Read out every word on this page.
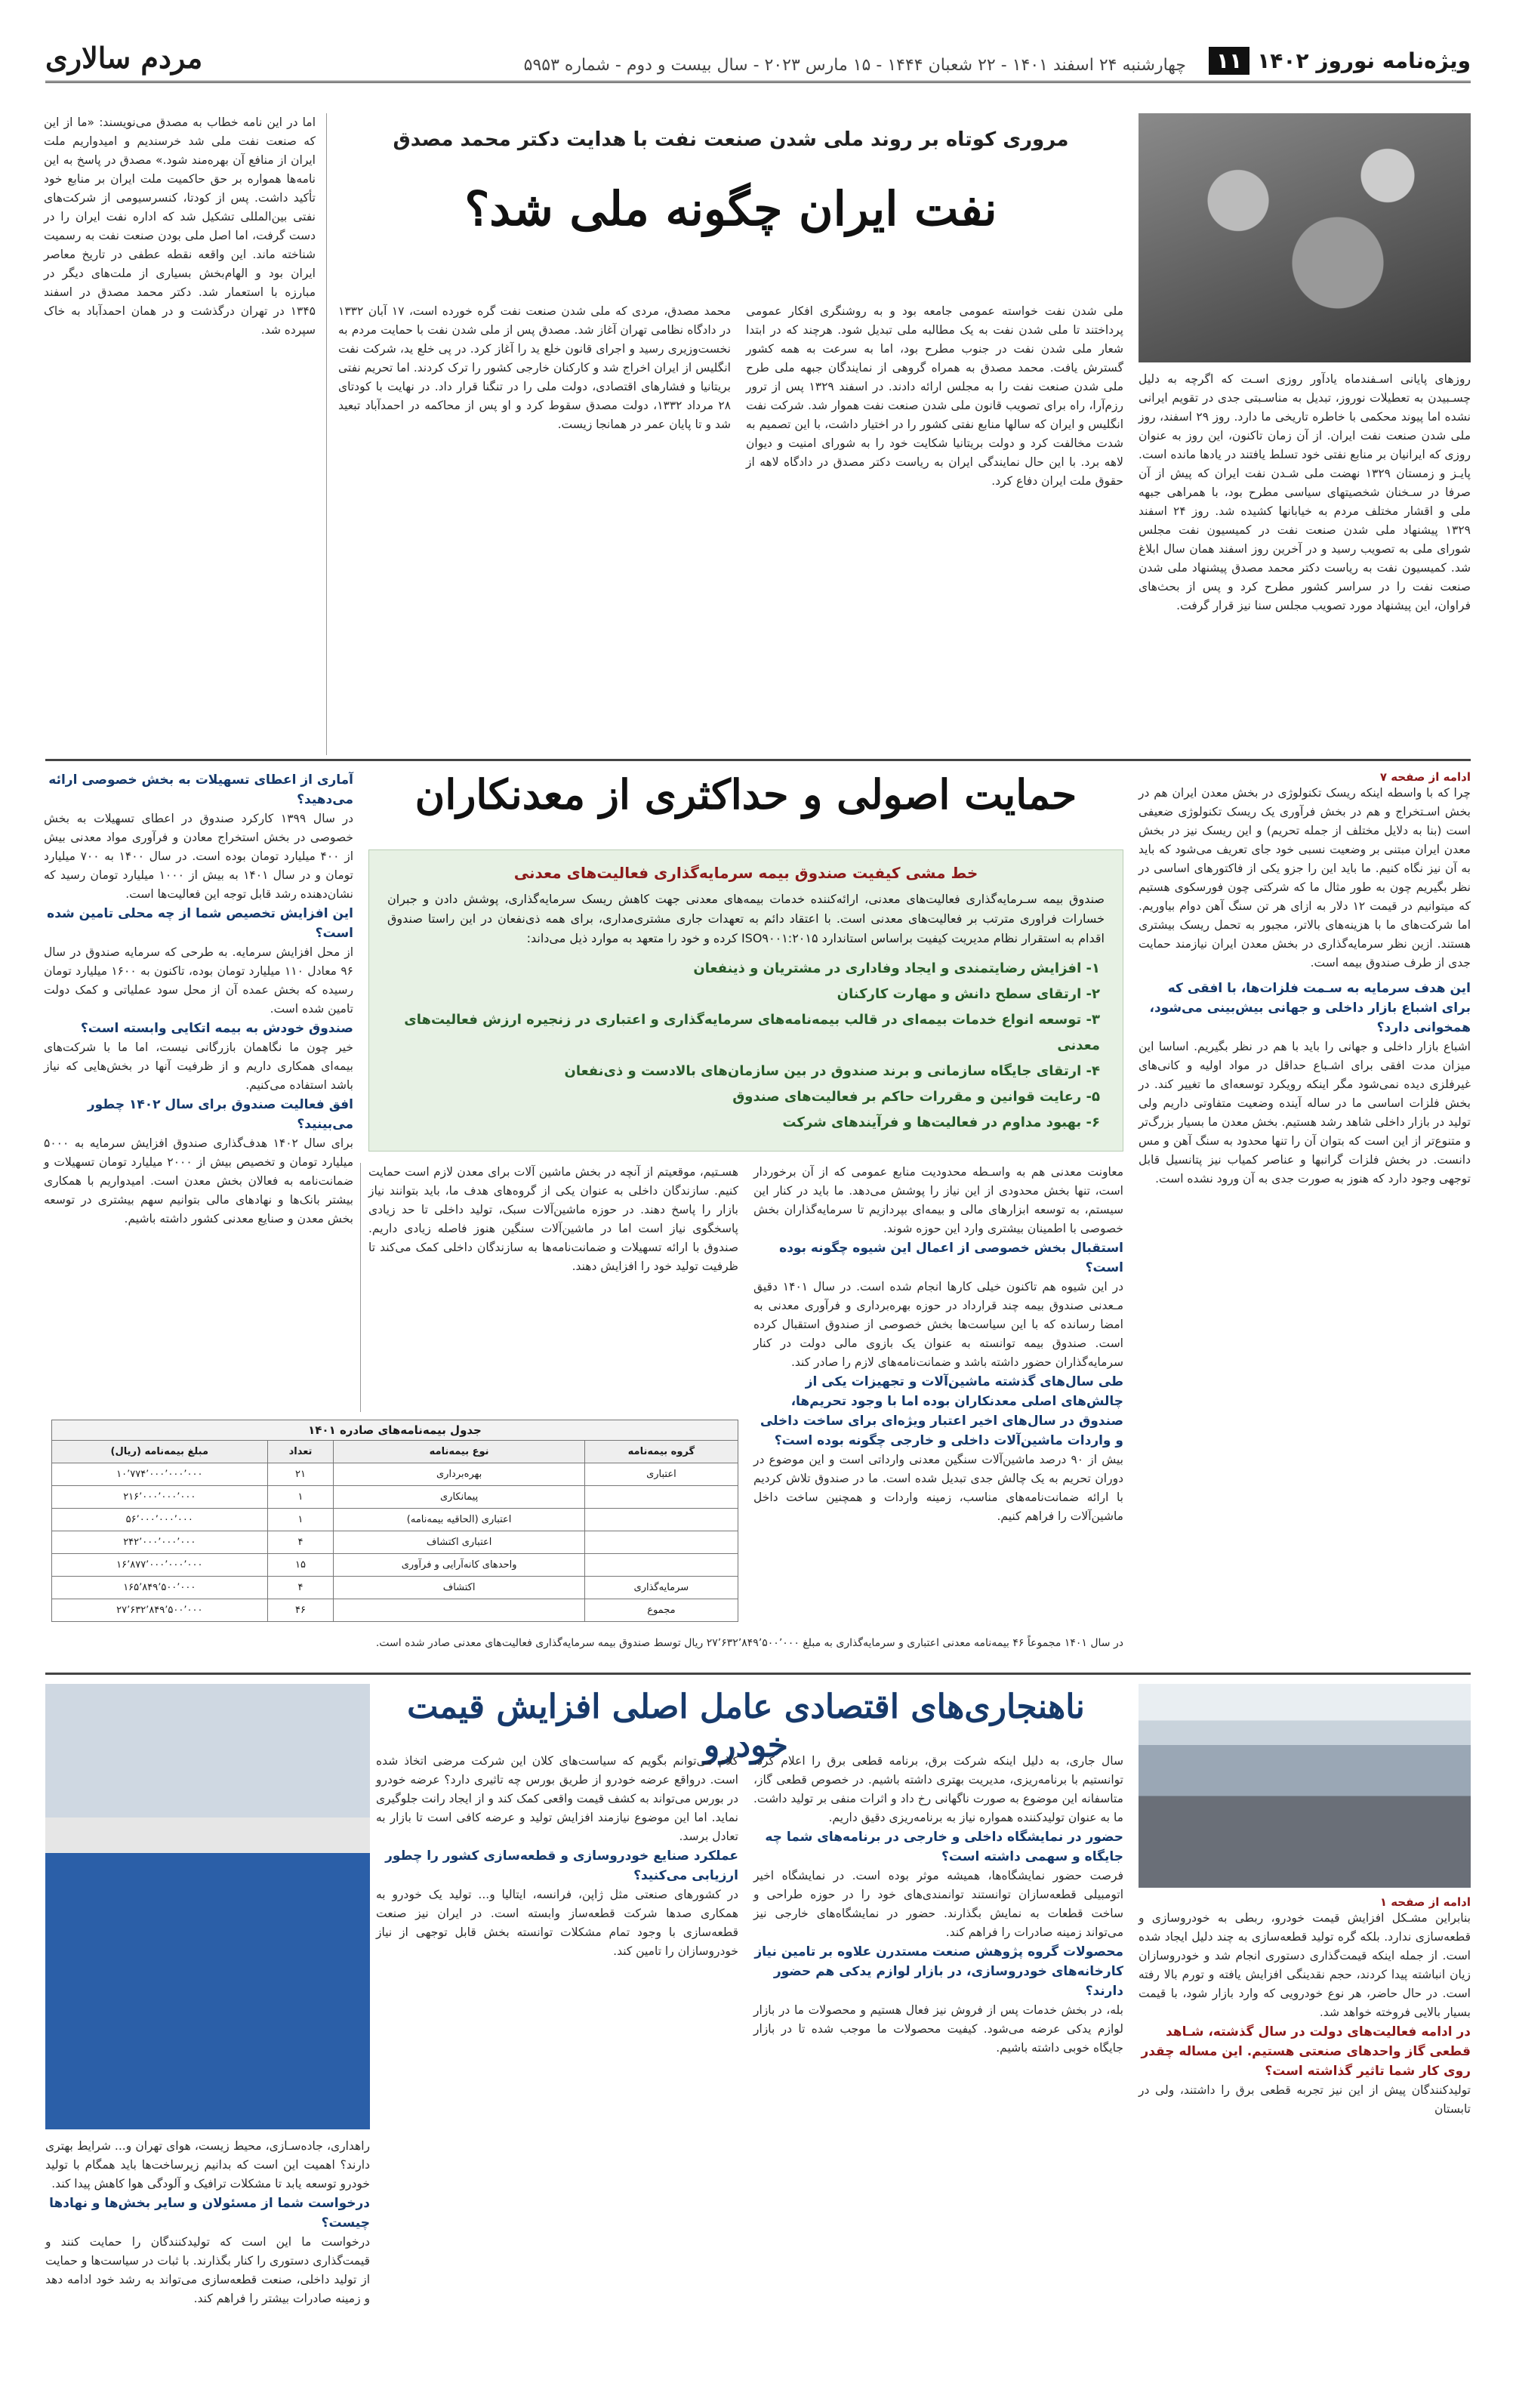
ویژه‌نامه نوروز ۱۴۰۲
۱۱
چهارشنبه ۲۴ اسفند ۱۴۰۱ - ۲۲ شعبان ۱۴۴۴ - ۱۵ مارس ۲۰۲۳ - سال بیست و دوم - شماره ۵۹۵۳
مردم سالاری
مروری کوتاه بر روند ملی شدن صنعت نفت با هدایت دکتر محمد مصدق
نفت ایران چگونه ملی شد؟

روزهای پایانی اسـفندماه یادآور روزی اسـت که اگرچه به دلیل چسـبیدن به تعطیلات نوروز، تبدیل به مناسـبتی جدی در تقویم ایرانی نشده اما پیوند محکمی با خاطره تاریخی ما دارد. روز ۲۹ اسفند، روز ملی شدن صنعت نفت ایران. از آن زمان تاکنون، این روز به عنوان روزی که ایرانیان بر منابع نفتی خود تسلط یافتند در یادها مانده است. پایـز و زمستان ۱۳۲۹ نهضت ملی شـدن نفت ایران که پیش از آن صرفا در سـخنان شخصیتهای سیاسی مطرح بود، با همراهی جبهه ملی و اقشار مختلف مردم به خیابانها کشیده شد. روز ۲۴ اسفند ۱۳۲۹ پیشنهاد ملی شدن صنعت نفت در کمیسیون نفت مجلس شورای ملی به تصویب رسید و در آخرین روز اسفند همان سال ابلاغ شد. کمیسیون نفت به ریاست دکتر محمد مصدق پیشنهاد ملی شدن صنعت نفت را در سراسر کشور مطرح کرد و پس از بحث‌های فراوان، این پیشنهاد مورد تصویب مجلس سنا نیز قرار گرفت.

ملی شدن نفت خواسته عمومی جامعه بود و به روشنگری افکار عمومی پرداختند تا ملی شدن نفت به یک مطالبه ملی تبدیل شود. هرچند که در ابتدا شعار ملی شدن نفت در جنوب مطرح بود، اما به سرعت به همه کشور گسترش یافت. محمد مصدق به همراه گروهی از نمایندگان جبهه ملی طرح ملی شدن صنعت نفت را به مجلس ارائه دادند. در اسفند ۱۳۲۹ پس از ترور رزم‌آرا، راه برای تصویب قانون ملی شدن صنعت نفت هموار شد. شرکت نفت انگلیس و ایران که سالها منابع نفتی کشور را در اختیار داشت، با این تصمیم به شدت مخالفت کرد و دولت بریتانیا شکایت خود را به شورای امنیت و دیوان لاهه برد. با این حال نمایندگی ایران به ریاست دکتر مصدق در دادگاه لاهه از حقوق ملت ایران دفاع کرد.

محمد مصدق، مردی که ملی شدن صنعت نفت گره خورده است، ۱۷ آبان ۱۳۳۲ در دادگاه نظامی تهران آغاز شد. مصدق پس از ملی شدن نفت با حمایت مردم به نخست‌وزیری رسید و اجرای قانون خلع ید را آغاز کرد. در پی خلع ید، شرکت نفت انگلیس از ایران اخراج شد و کارکنان خارجی کشور را ترک کردند. اما تحریم نفتی بریتانیا و فشارهای اقتصادی، دولت ملی را در تنگنا قرار داد. در نهایت با کودتای ۲۸ مرداد ۱۳۳۲، دولت مصدق سقوط کرد و او پس از محاکمه در احمدآباد تبعید شد و تا پایان عمر در همانجا زیست.

اما در این نامه خطاب به مصدق می‌نویسند: «ما از این که صنعت نفت ملی شد خرسندیم و امیدواریم ملت ایران از منافع آن بهره‌مند شود.» مصدق در پاسخ به این نامه‌ها همواره بر حق حاکمیت ملت ایران بر منابع خود تأکید داشت. پس از کودتا، کنسرسیومی از شرکت‌های نفتی بین‌المللی تشکیل شد که اداره نفت ایران را در دست گرفت، اما اصل ملی بودن صنعت نفت به رسمیت شناخته ماند. این واقعه نقطه عطفی در تاریخ معاصر ایران بود و الهام‌بخش بسیاری از ملت‌های دیگر در مبارزه با استعمار شد. دکتر محمد مصدق در اسفند ۱۳۴۵ در تهران درگذشت و در همان احمدآباد به خاک سپرده شد.

ادامه از صفحه ۷
چرا که با واسطه اینکه ریسک تکنولوژی در بخش معدن ایران هم در بخش اسـتخراج و هم در بخش فرآوری یک ریسک تکنولوژی ضعیفی است (بنا به دلایل مختلف از جمله تحریم) و این ریسک نیز در بخش معدن ایران مبتنی بر وضعیت نسبی خود جای تعریف می‌شود که باید به آن نیز نگاه کنیم. ما باید این را جزو یکی از فاکتورهای اساسی در نظر بگیریم چون به طور مثال ما که شرکتی چون فورسکوی هستیم که میتوانیم در قیمت ۱۲ دلار به ازای هر تن سنگ آهن دوام بیاوریم. اما شرکت‌های ما با هزینه‌های بالاتر، مجبور به تحمل ریسک بیشتری هستند. ازین نظر سرمایه‌گذاری در بخش معدن ایران نیازمند حمایت جدی از طرف صندوق بیمه است.
این هدف سرمایه به سـمت فلزات‌ها، با افقی که برای اشباع بازار داخلی و جهانی بیش‌بینی می‌شود، همخوانی دارد؟
اشباع بازار داخلی و جهانی را باید با هم در نظر بگیریم. اساسا این میزان مدت افقی برای اشـباع حداقل در مواد اولیه و کانی‌های غیرفلزی دیده نمی‌شود مگر اینکه رویکرد توسعه‌ای ما تغییر کند. در بخش فلزات اساسی ما در ساله آینده وضعیت متفاوتی داریم ولی تولید در بازار داخلی شاهد رشد هستیم. بخش معدن ما بسیار بزرگ‌تر و متنوع‌تر از این است که بتوان آن را تنها محدود به سنگ آهن و مس دانست. در بخش فلزات گرانبها و عناصر کمیاب نیز پتانسیل قابل توجهی وجود دارد که هنوز به صورت جدی به آن ورود نشده است.
حمایت اصولی و حداکثری از معدنکاران
خط مشی کیفیت صندوق بیمه سرمایه‌گذاری فعالیت‌های معدنی
صندوق بیمه سـرمایه‌گذاری فعالیت‌های معدنی، ارائه‌کننده خدمات بیمه‌های معدنی جهت کاهش ریسک سرمایه‌گذاری، پوشش دادن و جبران خسارات فراوری مترتب بر فعالیت‌های معدنی است. با اعتقاد دائم به تعهدات جاری مشتری‌مداری، برای همه ذی‌نفعان در این راستا صندوق اقدام به استقرار نظام مدیریت کیفیت براساس استاندارد ISO۹۰۰۱:۲۰۱۵ کرده و خود را متعهد به موارد ذیل می‌داند:
۱- افزایش رضایتمندی و ایجاد وفاداری در مشتریان و ذینفعان
۲- ارتقای سطح دانش و مهارت کارکنان
۳- توسعه انواع خدمات بیمه‌ای در قالب بیمه‌نامه‌های سرمایه‌گذاری و اعتباری در زنجیره ارزش فعالیت‌های معدنی
۴- ارتقای جایگاه سازمانی و برند صندوق در بین سازمان‌های بالادست و ذی‌نفعان
۵- رعایت قوانین و مقررات حاکم بر فعالیت‌های صندوق
۶- بهبود مداوم در فعالیت‌ها و فرآیندهای شرکت
معاونت معدنی هم به واسـطه محدودیت منابع عمومی که از آن برخوردار است، تنها بخش محدودی از این نیاز را پوشش می‌دهد. ما باید در کنار این سیستم، به توسعه ابزارهای مالی و بیمه‌ای بپردازیم تا سرمایه‌گذاران بخش خصوصی با اطمینان بیشتری وارد این حوزه شوند.
استقبال بخش خصوصی از اعمال این شیوه چگونه بوده است؟
در این شیوه هم تاکنون خیلی کارها انجام شده است. در سال ۱۴۰۱ دقیق مـعدنی صندوق بیمه چند قرارداد در حوزه بهره‌برداری و فرآوری معدنی به امضا رسانده که با این سیاست‌ها بخش خصوصی از صندوق استقبال کرده است. صندوق بیمه توانسته به عنوان یک بازوی مالی دولت در کنار سرمایه‌گذاران حضور داشته باشد و ضمانت‌نامه‌های لازم را صادر کند.
طی سال‌های گذشته ماشین‌آلات و تجهیزات یکی از چالش‌های اصلی معدنکاران بوده اما با وجود تحریم‌ها، صندوق در سال‌های اخیر اعتبار ویژه‌ای برای ساخت داخلی و واردات ماشین‌آلات داخلی و خارجی چگونه بوده است؟
بیش از ۹۰ درصد ماشین‌آلات سنگین معدنی وارداتی است و این موضوع در دوران تحریم به یک چالش جدی تبدیل شده است. ما در صندوق تلاش کردیم با ارائه ضمانت‌نامه‌های مناسب، زمینه واردات و همچنین ساخت داخل ماشین‌آلات را فراهم کنیم.

هسـتیم، موقعیتم از آنچه در بخش ماشین آلات برای معدن لازم است حمایت کنیم. سازندگان داخلی به عنوان یکی از گروه‌های هدف ما، باید بتوانند نیاز بازار را پاسخ دهند. در حوزه ماشین‌آلات سبک، تولید داخلی تا حد زیادی پاسخگوی نیاز است اما در ماشین‌آلات سنگین هنوز فاصله زیادی داریم. صندوق با ارائه تسهیلات و ضمانت‌نامه‌ها به سازندگان داخلی کمک می‌کند تا ظرفیت تولید خود را افزایش دهند.

جدول بیمه‌نامه‌های صادره ۱۴۰۱
گروه بیمه‌نامه	نوع بیمه‌نامه	تعداد	مبلغ بیمه‌نامه (ریال)
اعتباری	بهره‌برداری	۲۱	۱۰٬۷۷۴٬۰۰۰٬۰۰۰٬۰۰۰
	پیمانکاری	۱	۲۱۶٬۰۰۰٬۰۰۰٬۰۰۰
	اعتباری (الحاقیه بیمه‌نامه)	۱	۵۶٬۰۰۰٬۰۰۰٬۰۰۰
	اعتباری اکتشاف	۴	۲۴۲٬۰۰۰٬۰۰۰٬۰۰۰
	واحدهای کانه‌آرایی و فرآوری	۱۵	۱۶٬۸۷۷٬۰۰۰٬۰۰۰٬۰۰۰
سرمایه‌گذاری	اکتشاف	۴	۱۶۵٬۸۴۹٬۵۰۰٬۰۰۰
مجموع		۴۶	۲۷٬۶۳۲٬۸۴۹٬۵۰۰٬۰۰۰

در سال ۱۴۰۱ مجموعاً ۴۶ بیمه‌نامه معدنی اعتباری و سرمایه‌گذاری به مبلغ ۲۷٬۶۳۲٬۸۴۹٬۵۰۰٬۰۰۰ ریال توسط صندوق بیمه سرمایه‌گذاری فعالیت‌های معدنی صادر شده است.

آماری از اعطای تسهیلات به بخش خصوصی ارائه می‌دهید؟
در سال ۱۳۹۹ کارکرد صندوق در اعطای تسهیلات به بخش خصوصی در بخش استخراج معادن و فرآوری مواد معدنی بیش از ۴۰۰ میلیارد تومان بوده است. در سال ۱۴۰۰ به ۷۰۰ میلیارد تومان و در سال ۱۴۰۱ به بیش از ۱۰۰۰ میلیارد تومان رسید که نشان‌دهنده رشد قابل توجه این فعالیت‌ها است.
این افزایش تخصیص شما از چه محلی تامین شده است؟
از محل افزایش سرمایه. به طرحی که سرمایه صندوق در سال ۹۶ معادل ۱۱۰ میلیارد تومان بوده، تاکنون به ۱۶۰۰ میلیارد تومان رسیده که بخش عمده آن از محل سود عملیاتی و کمک دولت تامین شده است.
صندوق خودش به بیمه اتکایی وابسته است؟
خیر چون ما نگاهمان بازرگانی نیست، اما ما با شرکت‌های بیمه‌ای همکاری داریم و از ظرفیت آنها در بخش‌هایی که نیاز باشد استفاده می‌کنیم.
افق فعالیت صندوق برای سال ۱۴۰۲ چطور می‌بینید؟
برای سال ۱۴۰۲ هدف‌گذاری صندوق افزایش سرمایه به ۵۰۰۰ میلیارد تومان و تخصیص بیش از ۲۰۰۰ میلیارد تومان تسهیلات و ضمانت‌نامه به فعالان بخش معدن است. امیدواریم با همکاری بیشتر بانک‌ها و نهادهای مالی بتوانیم سهم بیشتری در توسعه بخش معدن و صنایع معدنی کشور داشته باشیم.
ناهنجاری‌های اقتصادی عامل اصلی افزایش قیمت خودرو
ادامه از صفحه ۱
بنابراین مشـکل افزایش قیمت خودرو، ربطی به خودروسازی و قطعه‌سازی ندارد. بلکه گره تولید قطعه‌سازی به چند دلیل ایجاد شده است. از جمله اینکه قیمت‌گذاری دستوری انجام شد و خودروسازان زیان انباشته پیدا کردند، حجم نقدینگی افزایش یافته و تورم بالا رفته است. در حال حاضر، هر نوع خودرویی که وارد بازار شود، با قیمت بسیار بالایی فروخته خواهد شد.
در ادامه فعالیت‌های دولت در سال گذشته، شـاهد قطعی گاز واحدهای صنعتی هستیم. این مساله چقدر روی کار شما تاثیر گذاشته است؟
تولیدکنندگان پیش از این نیز تجربه قطعی برق را داشتند، ولی در تابستان
سال جاری، به دلیل اینکه شرکت برق، برنامه قطعی برق را اعلام کرد، توانستیم با برنامه‌ریزی، مدیریت بهتری داشته باشیم. در خصوص قطعی گاز، متاسفانه این موضوع به صورت ناگهانی رخ داد و اثرات منفی بر تولید داشت. ما به عنوان تولیدکننده همواره نیاز به برنامه‌ریزی دقیق داریم.
حضور در نمایشگاه داخلی و خارجی در برنامه‌های شما چه جایگاه و سهمی داشته است؟
فرصت حضور نمایشگاه‌ها، همیشه موثر بوده است. در نمایشگاه اخیر اتومبیلی قطعه‌سازان توانستند توانمندی‌های خود را در حوزه طراحی و ساخت قطعات به نمایش بگذارند. حضور در نمایشگاه‌های خارجی نیز می‌تواند زمینه صادرات را فراهم کند.
محصولات گروه پژوهش صنعت مستدرن علاوه بر تامین نیاز کارخانه‌های خودروسازی، در بازار لوازم یدکی هم حضور دارند؟
بله، در بخش خدمات پس از فروش نیز فعال هستیم و محصولات ما در بازار لوازم یدکی عرضه می‌شود. کیفیت محصولات ما موجب شده تا در بازار جایگاه خوبی داشته باشیم.
کلام می‌توانم بگویم که سیاست‌های کلان این شرکت مرضی اتخاذ شده است. درواقع عرضه خودرو از طریق بورس چه تاثیری دارد؟ عرضه خودرو در بورس می‌تواند به کشف قیمت واقعی کمک کند و از ایجاد رانت جلوگیری نماید. اما این موضوع نیازمند افزایش تولید و عرضه کافی است تا بازار به تعادل برسد.
عملکرد صنایع خودروسازی و قطعه‌سازی کشور را چطور ارزیابی می‌کنید؟
در کشورهای صنعتی مثل ژاپن، فرانسه، ایتالیا و... تولید یک خودرو به همکاری صدها شرکت قطعه‌ساز وابسته است. در ایران نیز صنعت قطعه‌سازی با وجود تمام مشکلات توانسته بخش قابل توجهی از نیاز خودروسازان را تامین کند.
راهداری، جاده‌سـازی، محیط زیست، هوای تهران و... شرایط بهتری دارند؟ اهمیت این است که بدانیم زیرساخت‌ها باید همگام با تولید خودرو توسعه یابد تا مشکلات ترافیک و آلودگی هوا کاهش پیدا کند.
درخواست شما از مسئولان و سایر بخش‌ها و نهادها چیست؟
درخواست ما این است که تولیدکنندگان را حمایت کنند و قیمت‌گذاری دستوری را کنار بگذارند. با ثبات در سیاست‌ها و حمایت از تولید داخلی، صنعت قطعه‌سازی می‌تواند به رشد خود ادامه دهد و زمینه صادرات بیشتر را فراهم کند.
